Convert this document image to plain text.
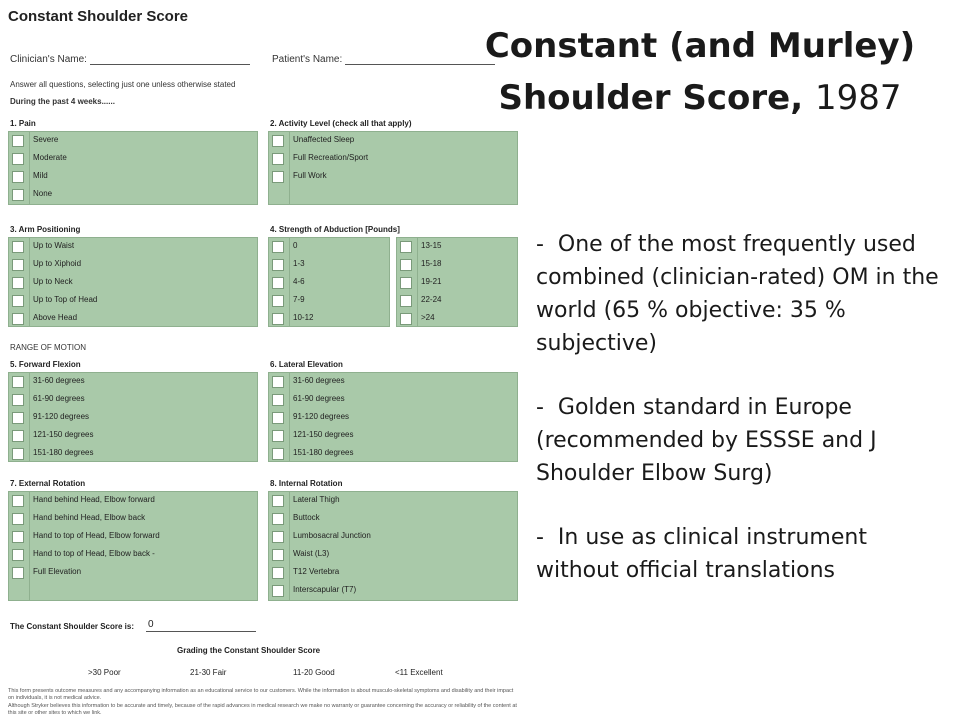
Constant Shoulder Score
Clinician's Name:	Patient's Name:
Answer all questions, selecting just one unless otherwise stated
During the past 4 weeks......
1. Pain
Severe
Moderate
Mild
None
2. Activity Level (check all that apply)
Unaffected Sleep
Full Recreation/Sport
Full Work
3. Arm Positioning
Up to Waist
Up to Xiphoid
Up to Neck
Up to Top of Head
Above Head
4. Strength of Abduction [Pounds]
0
1-3
4-6
7-9
10-12
13-15
15-18
19-21
22-24
>24
RANGE OF MOTION
5. Forward Flexion
31-60 degrees
61-90 degrees
91-120 degrees
121-150 degrees
151-180 degrees
6. Lateral Elevation
31-60 degrees
61-90 degrees
91-120 degrees
121-150 degrees
151-180 degrees
7. External Rotation
Hand behind Head, Elbow forward
Hand behind Head, Elbow back
Hand to top of Head, Elbow forward
Hand to top of Head, Elbow back -
Full Elevation
8. Internal Rotation
Lateral Thigh
Buttock
Lumbosacral Junction
Waist (L3)
T12 Vertebra
Interscapular (T7)
The Constant Shoulder Score is: 0
Grading the Constant Shoulder Score
>30 Poor	21-30 Fair	11-20 Good	<11 Excellent
This form presents outcome measures and any accompanying information as an educational service to our customers. While the information is about musculo-skeletal symptoms and disability and their impact on individuals, it is not medical advice.
Although Stryker believes this information to be accurate and timely, because of the rapid advances in medical research we make no warranty or guarantee concerning the accuracy or reliability of the content at this site or other sites to which we link.
Constant (and Murley)
Shoulder Score, 1987
-  One of the most frequently used combined (clinician-rated) OM in the world (65 % objective: 35 % subjective)
-  Golden standard in Europe (recommended by ESSSE and J Shoulder Elbow Surg)
-  In use as clinical instrument without official translations
